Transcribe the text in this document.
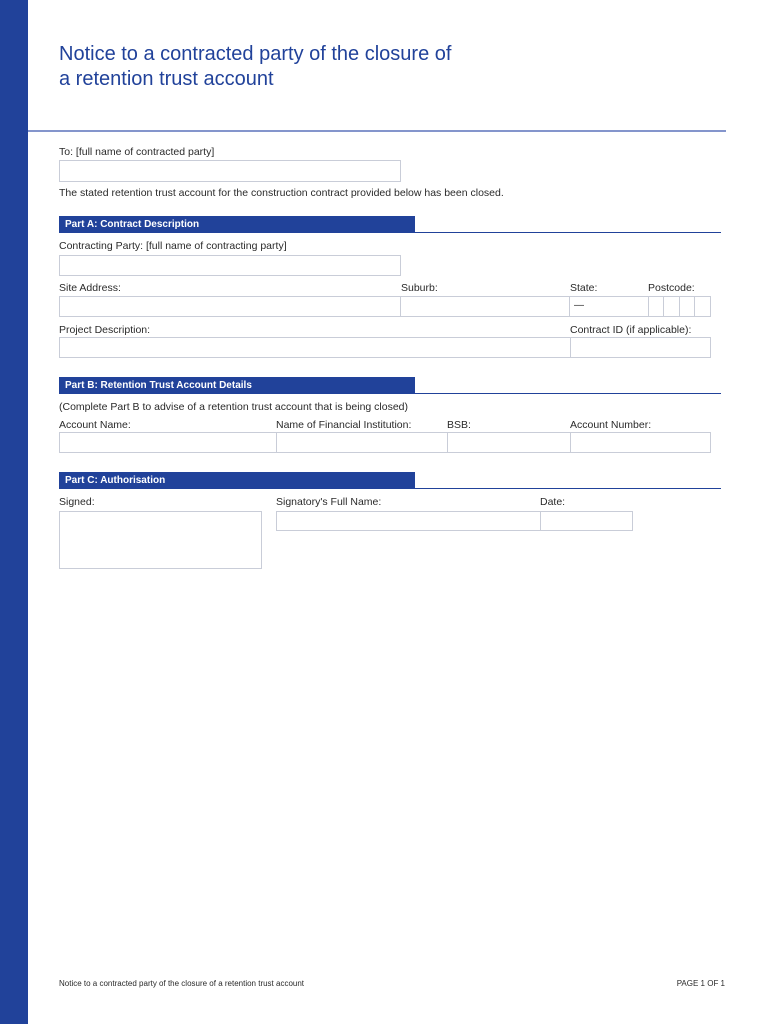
Notice to a contracted party of the closure of
a retention trust account
To: [full name of contracted party]
The stated retention trust account for the construction contract provided below has been closed.
Part A: Contract Description
Contracting Party: [full name of contracting party]
Site Address:	Suburb:	State:	Postcode:
—
Project Description:	Contract ID (if applicable):
Part B: Retention Trust Account Details
(Complete Part B to advise of a retention trust account that is being closed)
Account Name:	Name of Financial Institution:	BSB:	Account Number:
Part C: Authorisation
Signed:	Signatory's Full Name:	Date:
Notice to a contracted party of the closure of a retention trust account	PAGE 1 OF 1
